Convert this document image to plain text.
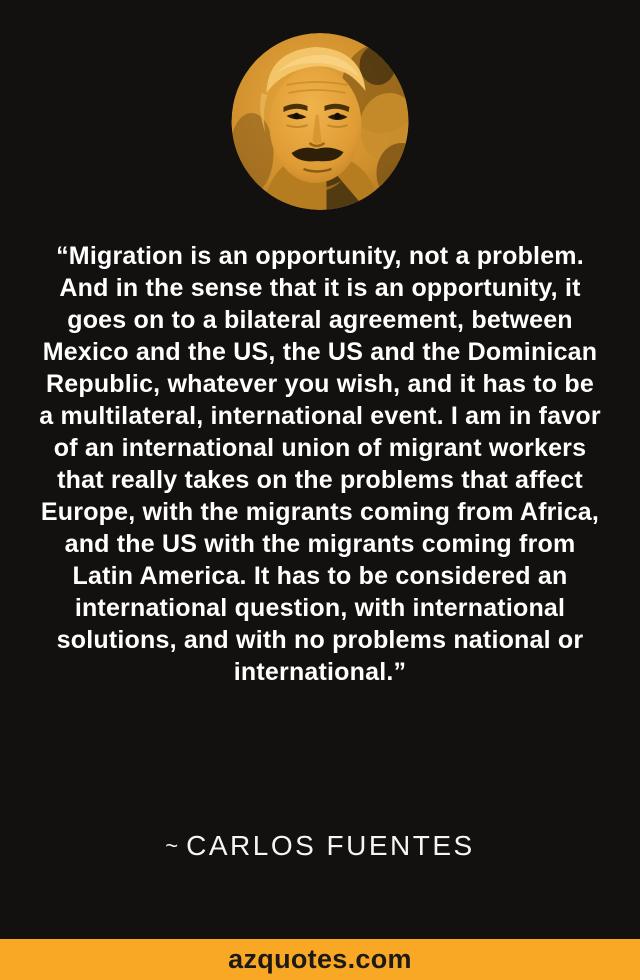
“Migration is an opportunity, not a problem. And in the sense that it is an opportunity, it goes on to a bilateral agreement, between Mexico and the US, the US and the Dominican Republic, whatever you wish, and it has to be a multilateral, international event. I am in favor of an international union of migrant workers that really takes on the problems that affect Europe, with the migrants coming from Africa, and the US with the migrants coming from Latin America. It has to be considered an international question, with international solutions, and with no problems national or international.”
~ CARLOS FUENTES
azquotes.com
